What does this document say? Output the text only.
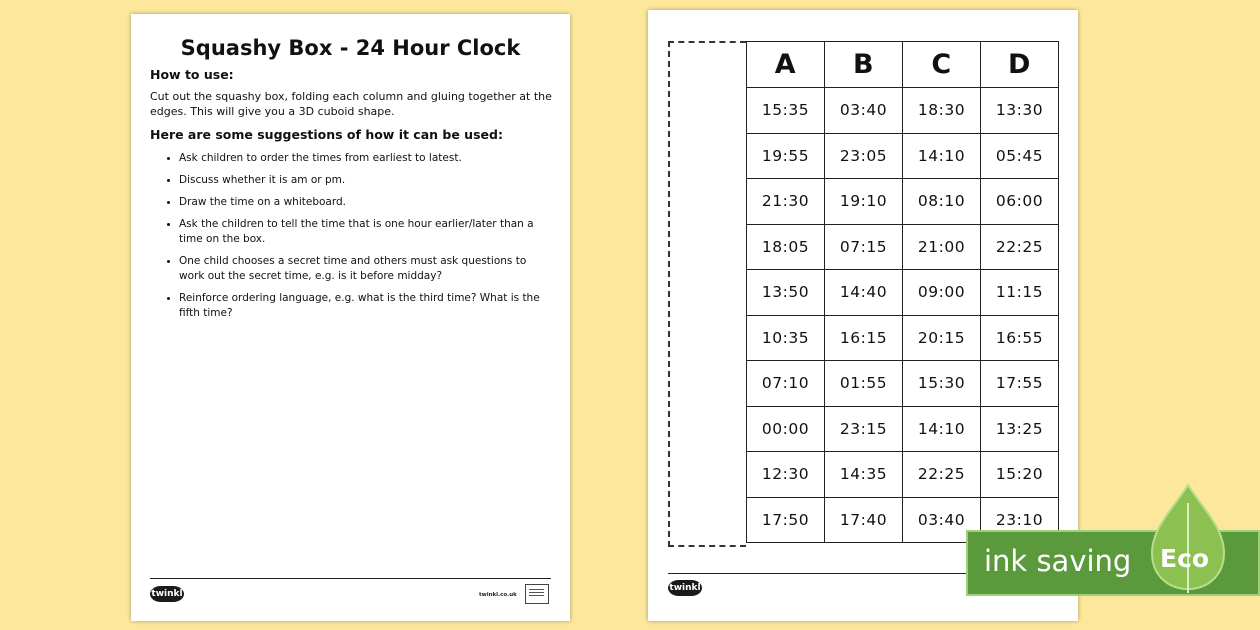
Squashy Box - 24 Hour Clock
How to use:
Cut out the squashy box, folding each column and gluing together at the edges. This will give you a 3D cuboid shape.
Here are some suggestions of how it can be used:
Ask children to order the times from earliest to latest.
Discuss whether it is am or pm.
Draw the time on a whiteboard.
Ask the children to tell the time that is one hour earlier/later than a time on the box.
One child chooses a secret time and others must ask questions to work out the secret time, e.g. is it before midday?
Reinforce ordering language, e.g. what is the third time? What is the fifth time?
twinkl	twinkl.co.uk
A	B	C	D
15:35	03:40	18:30	13:30
19:55	23:05	14:10	05:45
21:30	19:10	08:10	06:00
18:05	07:15	21:00	22:25
13:50	14:40	09:00	11:15
10:35	16:15	20:15	16:55
07:10	01:55	15:30	17:55
00:00	23:15	14:10	13:25
12:30	14:35	22:25	15:20
17:50	17:40	03:40	23:10
twinkl
ink saving Eco
